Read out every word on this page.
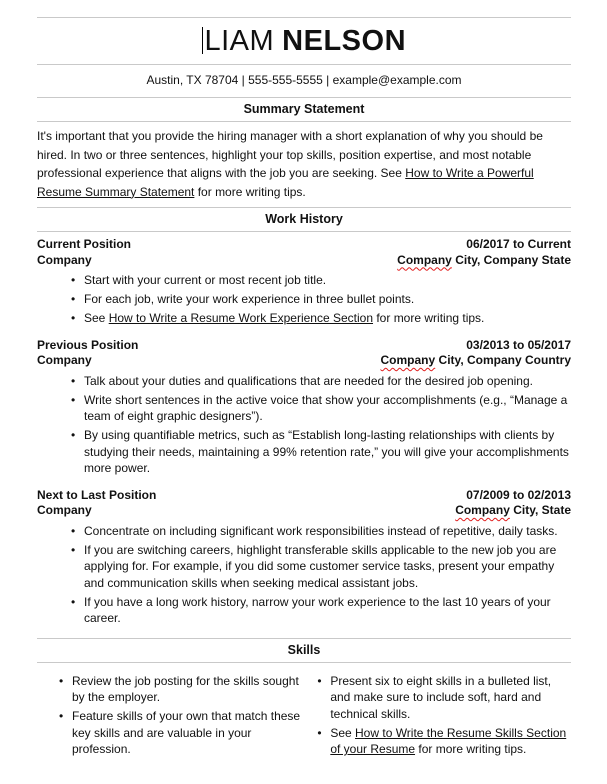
LIAM NELSON
Austin, TX 78704 | 555-555-5555 | example@example.com
Summary Statement

It's important that you provide the hiring manager with a short explanation of why you should be hired. In two or three sentences, highlight your top skills, position expertise, and most notable professional experience that aligns with the job you are seeking. See How to Write a Powerful Resume Summary Statement for more writing tips.

Work History
Current Position	06/2017 to Current
Company	Company City, Company State
• Start with your current or most recent job title.
• For each job, write your work experience in three bullet points.
• See How to Write a Resume Work Experience Section for more writing tips.
Previous Position	03/2013 to 05/2017
Company	Company City, Company Country
• Talk about your duties and qualifications that are needed for the desired job opening.
• Write short sentences in the active voice that show your accomplishments (e.g., “Manage a team of eight graphic designers”).
• By using quantifiable metrics, such as “Establish long-lasting relationships with clients by studying their needs, maintaining a 99% retention rate,” you will give your accomplishments more power.
Next to Last Position	07/2009 to 02/2013
Company	Company City, State
• Concentrate on including significant work responsibilities instead of repetitive, daily tasks.
• If you are switching careers, highlight transferable skills applicable to the new job you are applying for. For example, if you did some customer service tasks, present your empathy and communication skills when seeking medical assistant jobs.
• If you have a long work history, narrow your work experience to the last 10 years of your career.
Skills
• Review the job posting for the skills sought by the employer.
• Feature skills of your own that match these key skills and are valuable in your profession.
• Present six to eight skills in a bulleted list, and make sure to include soft, hard and technical skills.
• See How to Write the Resume Skills Section of your Resume for more writing tips.
